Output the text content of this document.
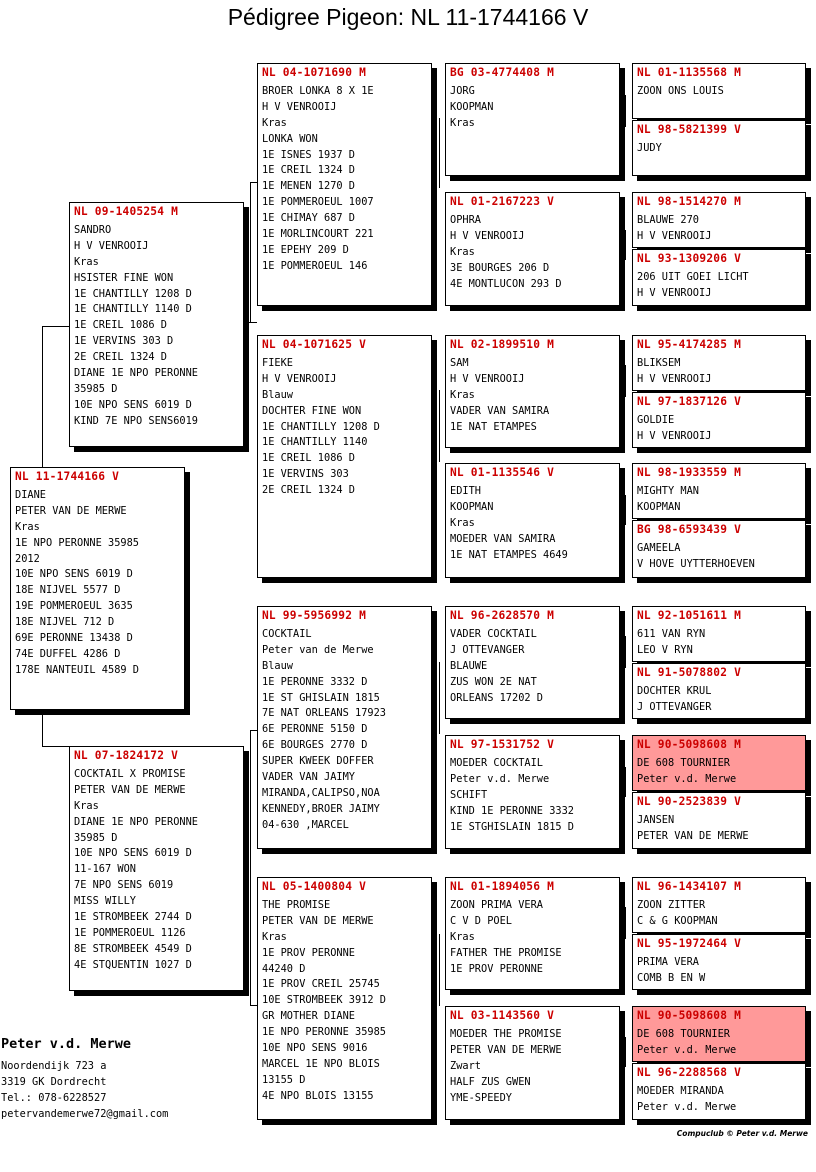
Pédigree Pigeon: NL 11-1744166 V
NL 11-1744166 V
DIANE
PETER VAN DE MERWE
Kras
1E NPO PERONNE 35985
2012
10E NPO SENS 6019 D
18E NIJVEL 5577 D
19E POMMEROEUL 3635
18E NIJVEL 712 D
69E PERONNE 13438 D
74E DUFFEL 4286 D
178E NANTEUIL 4589 D
NL 09-1405254 M
SANDRO
H V VENROOIJ
Kras
HSISTER FINE WON
1E CHANTILLY 1208 D
1E CHANTILLY 1140 D
1E CREIL 1086 D
1E VERVINS 303 D
2E CREIL 1324 D
DIANE 1E NPO PERONNE
35985 D
10E NPO SENS 6019 D
KIND 7E NPO SENS6019
NL 07-1824172 V
COCKTAIL X PROMISE
PETER VAN DE MERWE
Kras
DIANE 1E NPO PERONNE
35985 D
10E NPO SENS 6019 D
11-167 WON
7E NPO SENS 6019
MISS WILLY
1E STROMBEEK 2744 D
1E POMMEROEUL 1126
8E STROMBEEK 4549 D
4E STQUENTIN 1027 D
NL 04-1071690 M
BROER LONKA 8 X 1E
H V VENROOIJ
Kras
LONKA WON
1E ISNES 1937 D
1E CREIL 1324 D
1E MENEN 1270 D
1E POMMEROEUL 1007
1E CHIMAY 687 D
1E MORLINCOURT 221
1E EPEHY 209 D
1E POMMEROEUL 146
NL 04-1071625 V
FIEKE
H V VENROOIJ
Blauw
DOCHTER FINE WON
1E CHANTILLY 1208 D
1E CHANTILLY 1140
1E CREIL 1086 D
1E VERVINS 303
2E CREIL 1324 D
NL 99-5956992 M
COCKTAIL
Peter van de Merwe
Blauw
1E PERONNE 3332 D
1E ST GHISLAIN 1815
7E NAT ORLEANS 17923
6E PERONNE 5150 D
6E BOURGES 2770 D
SUPER KWEEK DOFFER
VADER VAN JAIMY
MIRANDA,CALIPSO,NOA
KENNEDY,BROER JAIMY
04-630 ,MARCEL
NL 05-1400804 V
THE PROMISE
PETER VAN DE MERWE
Kras
1E PROV PERONNE
44240 D
1E PROV CREIL 25745
10E STROMBEEK 3912 D
GR MOTHER DIANE
1E NPO PERONNE 35985
10E NPO SENS 9016
MARCEL 1E NPO BLOIS
13155 D
4E NPO BLOIS 13155
BG 03-4774408 M
JORG
KOOPMAN
Kras
NL 01-2167223 V
OPHRA
H V VENROOIJ
Kras
3E BOURGES 206 D
4E MONTLUCON 293 D
NL 02-1899510 M
SAM
H V VENROOIJ
Kras
VADER VAN SAMIRA
1E NAT ETAMPES
NL 01-1135546 V
EDITH
KOOPMAN
Kras
MOEDER VAN SAMIRA
1E NAT ETAMPES 4649
NL 96-2628570 M
VADER COCKTAIL
J OTTEVANGER
BLAUWE
ZUS WON 2E NAT
ORLEANS 17202 D
NL 97-1531752 V
MOEDER COCKTAIL
Peter v.d. Merwe
SCHIFT
KIND 1E PERONNE 3332
1E STGHISLAIN 1815 D
NL 01-1894056 M
ZOON PRIMA VERA
C V D POEL
Kras
FATHER THE PROMISE
1E PROV PERONNE
NL 03-1143560 V
MOEDER THE PROMISE
PETER VAN DE MERWE
Zwart
HALF ZUS GWEN
YME-SPEEDY
NL 01-1135568 M
ZOON ONS LOUIS
NL 98-5821399 V
JUDY
NL 98-1514270 M
BLAUWE 270
H V VENROOIJ
NL 93-1309206 V
206 UIT GOEI LICHT
H V VENROOIJ
NL 95-4174285 M
BLIKSEM
H V VENROOIJ
NL 97-1837126 V
GOLDIE
H V VENROOIJ
NL 98-1933559 M
MIGHTY MAN
KOOPMAN
BG 98-6593439 V
GAMEELA
V HOVE UYTTERHOEVEN
NL 92-1051611 M
611 VAN RYN
LEO V RYN
NL 91-5078802 V
DOCHTER KRUL
J OTTEVANGER
NL 90-5098608 M
DE 608 TOURNIER
Peter v.d. Merwe
NL 90-2523839 V
JANSEN
PETER VAN DE MERWE
NL 96-1434107 M
ZOON ZITTER
C & G KOOPMAN
NL 95-1972464 V
PRIMA VERA
COMB B EN W
NL 90-5098608 M
DE 608 TOURNIER
Peter v.d. Merwe
NL 96-2288568 V
MOEDER MIRANDA
Peter v.d. Merwe
Peter v.d. Merwe
Noordendijk 723 a
3319 GK Dordrecht
Tel.: 078-6228527
petervandemerwe72@gmail.com
Compuclub © Peter v.d. Merwe
